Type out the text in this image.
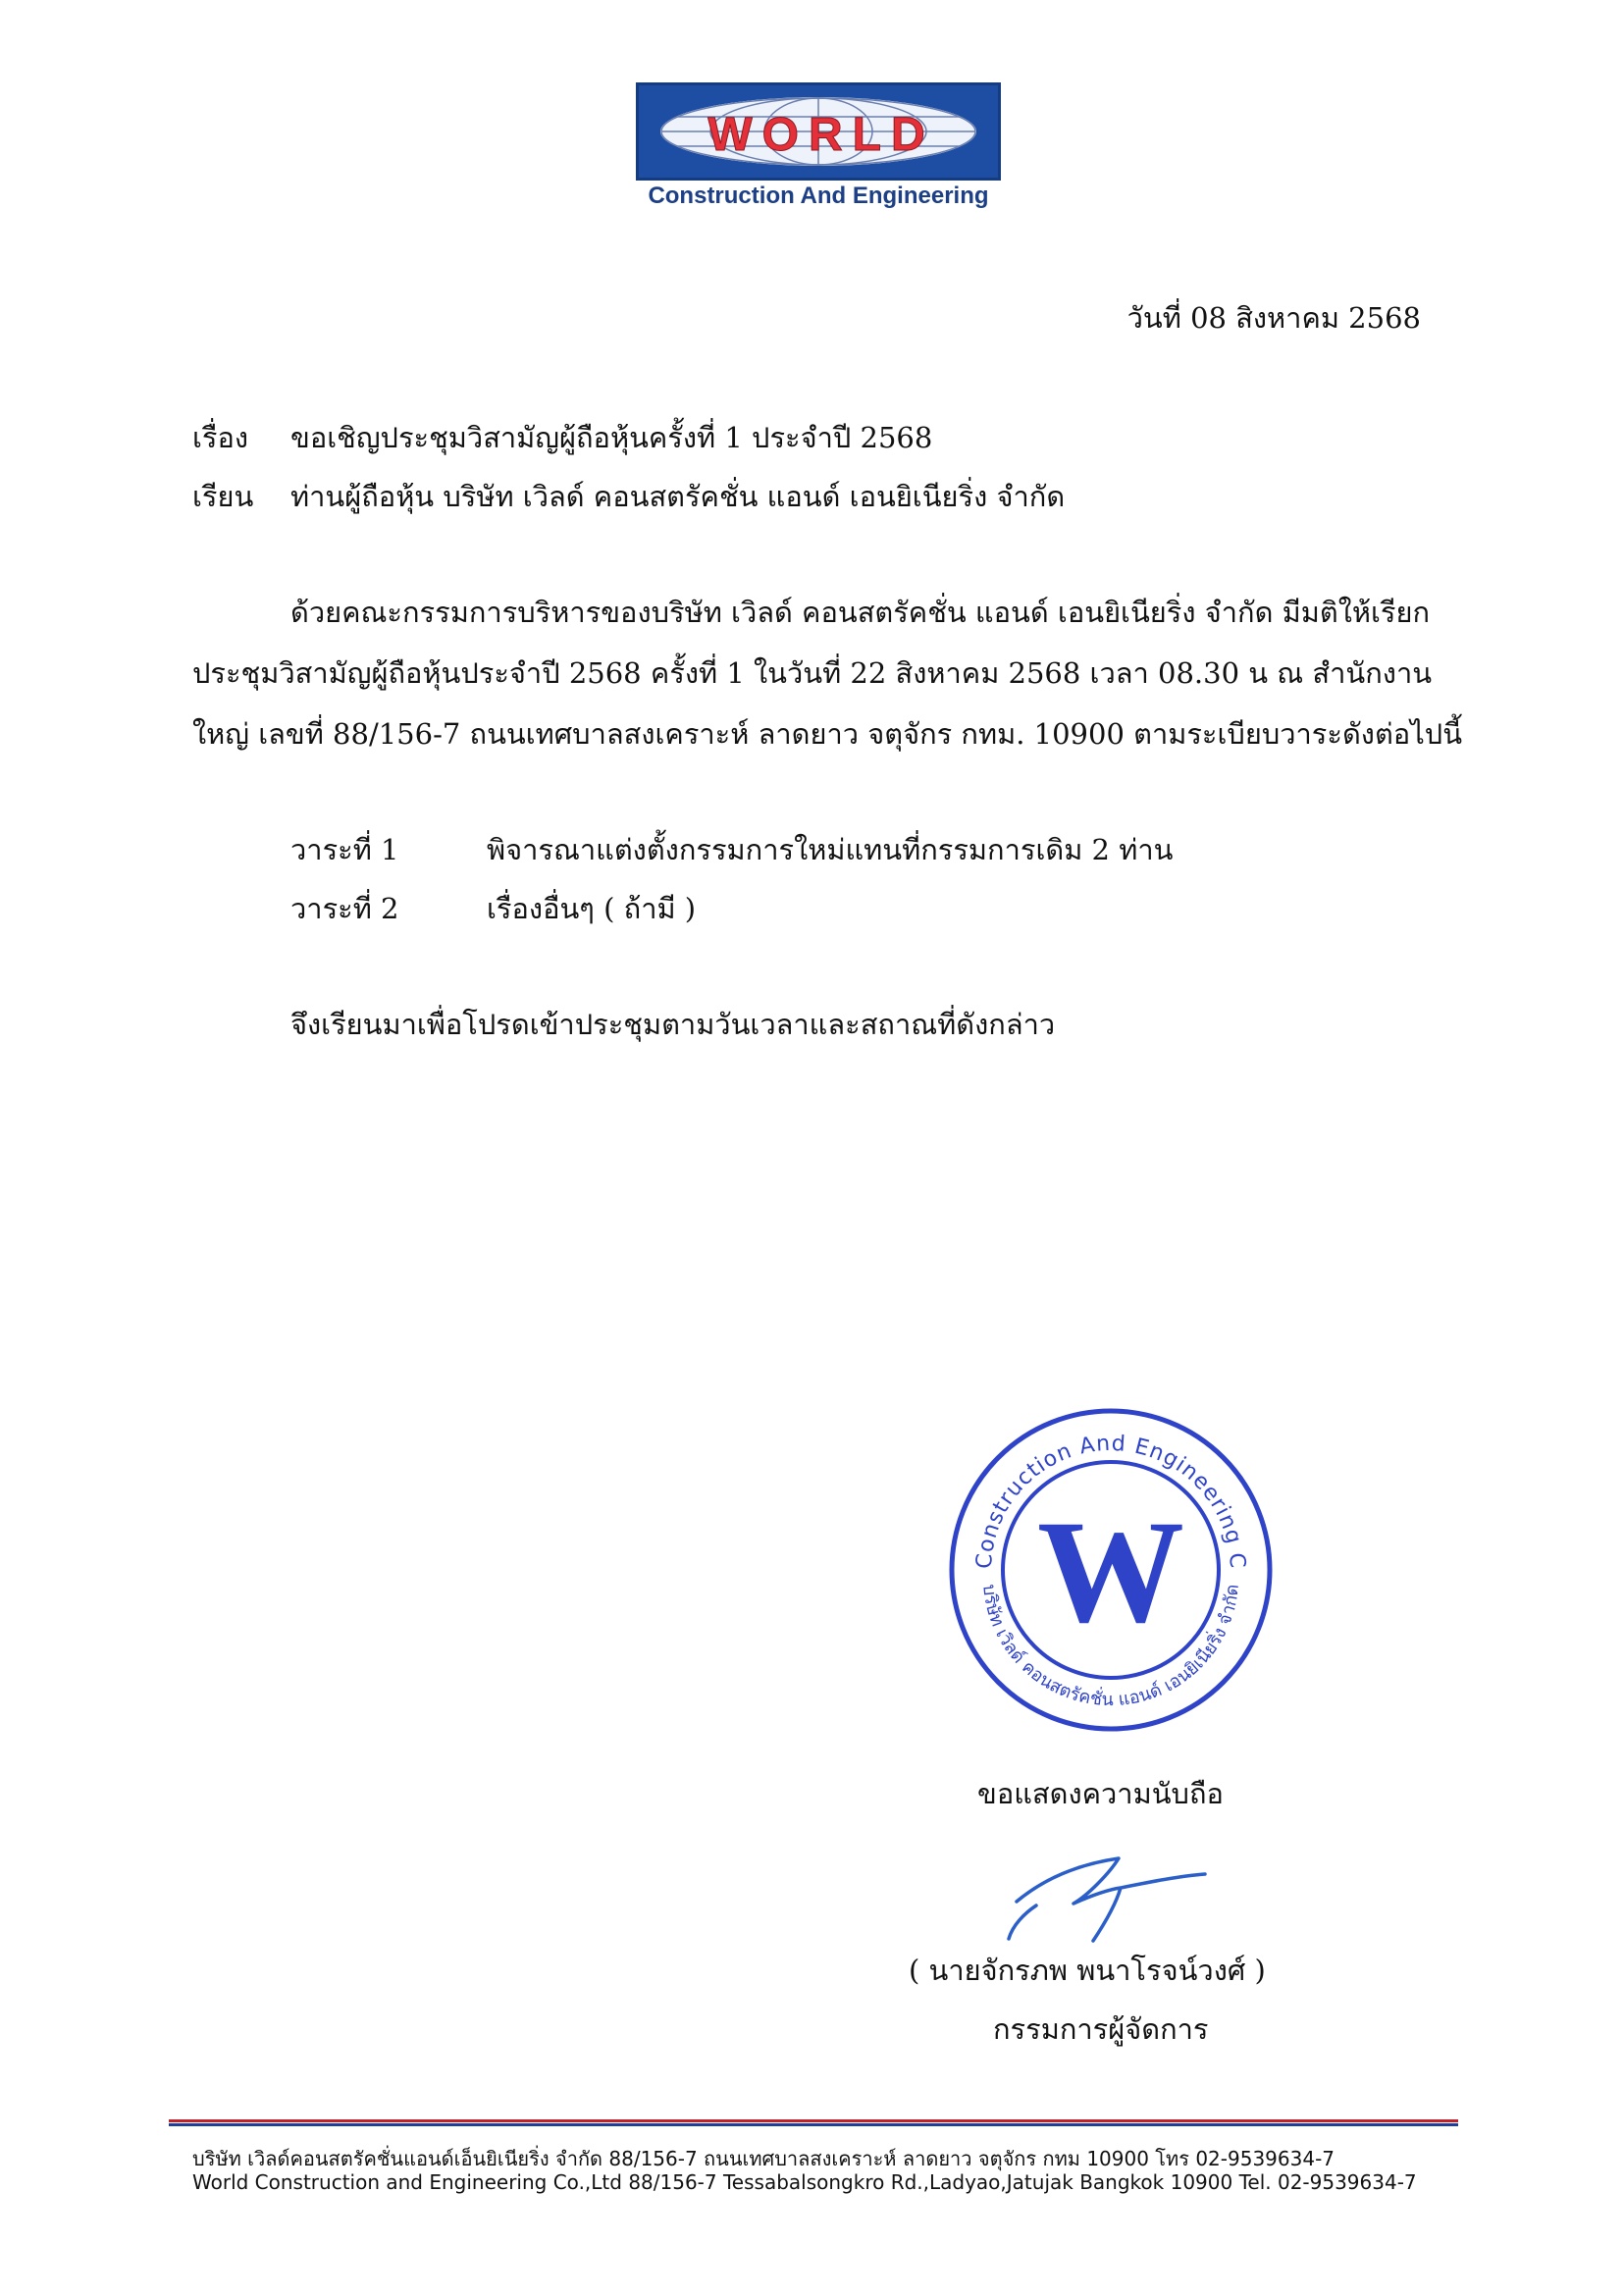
WORLD
Construction And Engineering
วันที่ 08 สิงหาคม 2568
เรื่อง ขอเชิญประชุมวิสามัญผู้ถือหุ้นครั้งที่ 1 ประจำปี 2568
เรียน ท่านผู้ถือหุ้น บริษัท เวิลด์ คอนสตรัคชั่น แอนด์ เอนยิเนียริ่ง จำกัด
ด้วยคณะกรรมการบริหารของบริษัท เวิลด์ คอนสตรัคชั่น แอนด์ เอนยิเนียริ่ง จำกัด มีมติให้เรียก
ประชุมวิสามัญผู้ถือหุ้นประจำปี 2568 ครั้งที่ 1 ในวันที่ 22 สิงหาคม 2568 เวลา 08.30 น ณ สำนักงาน
ใหญ่ เลขที่ 88/156-7 ถนนเทศบาลสงเคราะห์ ลาดยาว จตุจักร กทม. 10900 ตามระเบียบวาระดังต่อไปนี้
วาระที่ 1	พิจารณาแต่งตั้งกรรมการใหม่แทนที่กรรมการเดิม 2 ท่าน
วาระที่ 2	เรื่องอื่นๆ ( ถ้ามี )
จึงเรียนมาเพื่อโปรดเข้าประชุมตามวันเวลาและสถาณที่ดังกล่าว
Construction And Engineering C
บริษัท เวิลด์ คอนสตรัคชั่น แอนด์ เอนยิเนียริ่ง จำกัด
W
ขอแสดงความนับถือ
( นายจักรภพ พนาโรจน์วงศ์ )
กรรมการผู้จัดการ
บริษัท เวิลด์คอนสตรัคชั่นแอนด์เอ็นยิเนียริ่ง จำกัด 88/156-7 ถนนเทศบาลสงเคราะห์ ลาดยาว จตุจักร กทม 10900 โทร 02-9539634-7
World Construction and Engineering Co.,Ltd 88/156-7 Tessabalsongkro Rd.,Ladyao,Jatujak Bangkok 10900 Tel. 02-9539634-7
